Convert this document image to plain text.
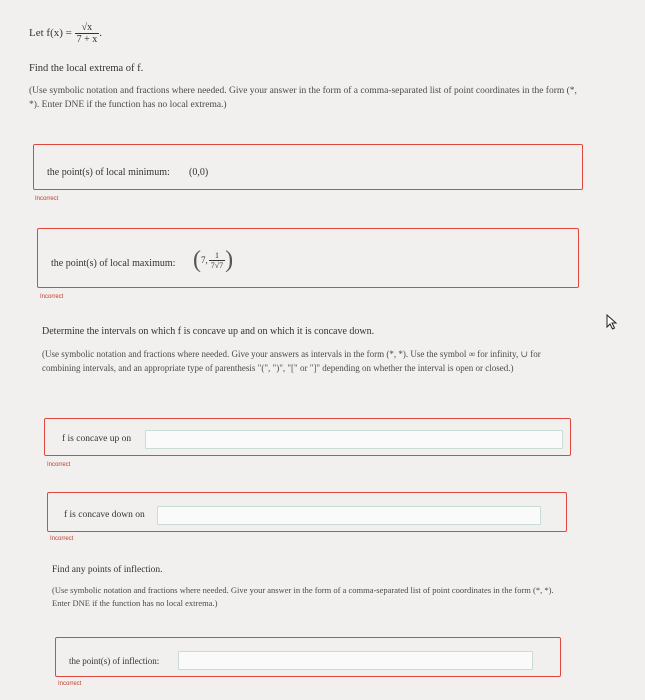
Let $f(x) = \frac{√x}{7 + x}$ .
Find the local extrema of f.
(Use symbolic notation and fractions where needed. Give your answer in the form of a comma-separated list of point coordinates in the form (*, *). Enter DNE if the function has no local extrema.)
the point(s) of local minimum: (0,0)
Incorrect
the point(s) of local maximum: ( 7, $\frac{1}{7√7}$ )
Incorrect
Determine the intervals on which f is concave up and on which it is concave down.
(Use symbolic notation and fractions where needed. Give your answers as intervals in the form (*, *). Use the symbol ∞ for infinity, ∪ for combining intervals, and an appropriate type of parenthesis "(", ")", "[" or "]" depending on whether the interval is open or closed.)
f is concave up on
Incorrect
f is concave down on
Incorrect
Find any points of inflection.
(Use symbolic notation and fractions where needed. Give your answer in the form of a comma-separated list of point coordinates in the form (*, *). Enter DNE if the function has no local extrema.)
the point(s) of inflection:
Incorrect
